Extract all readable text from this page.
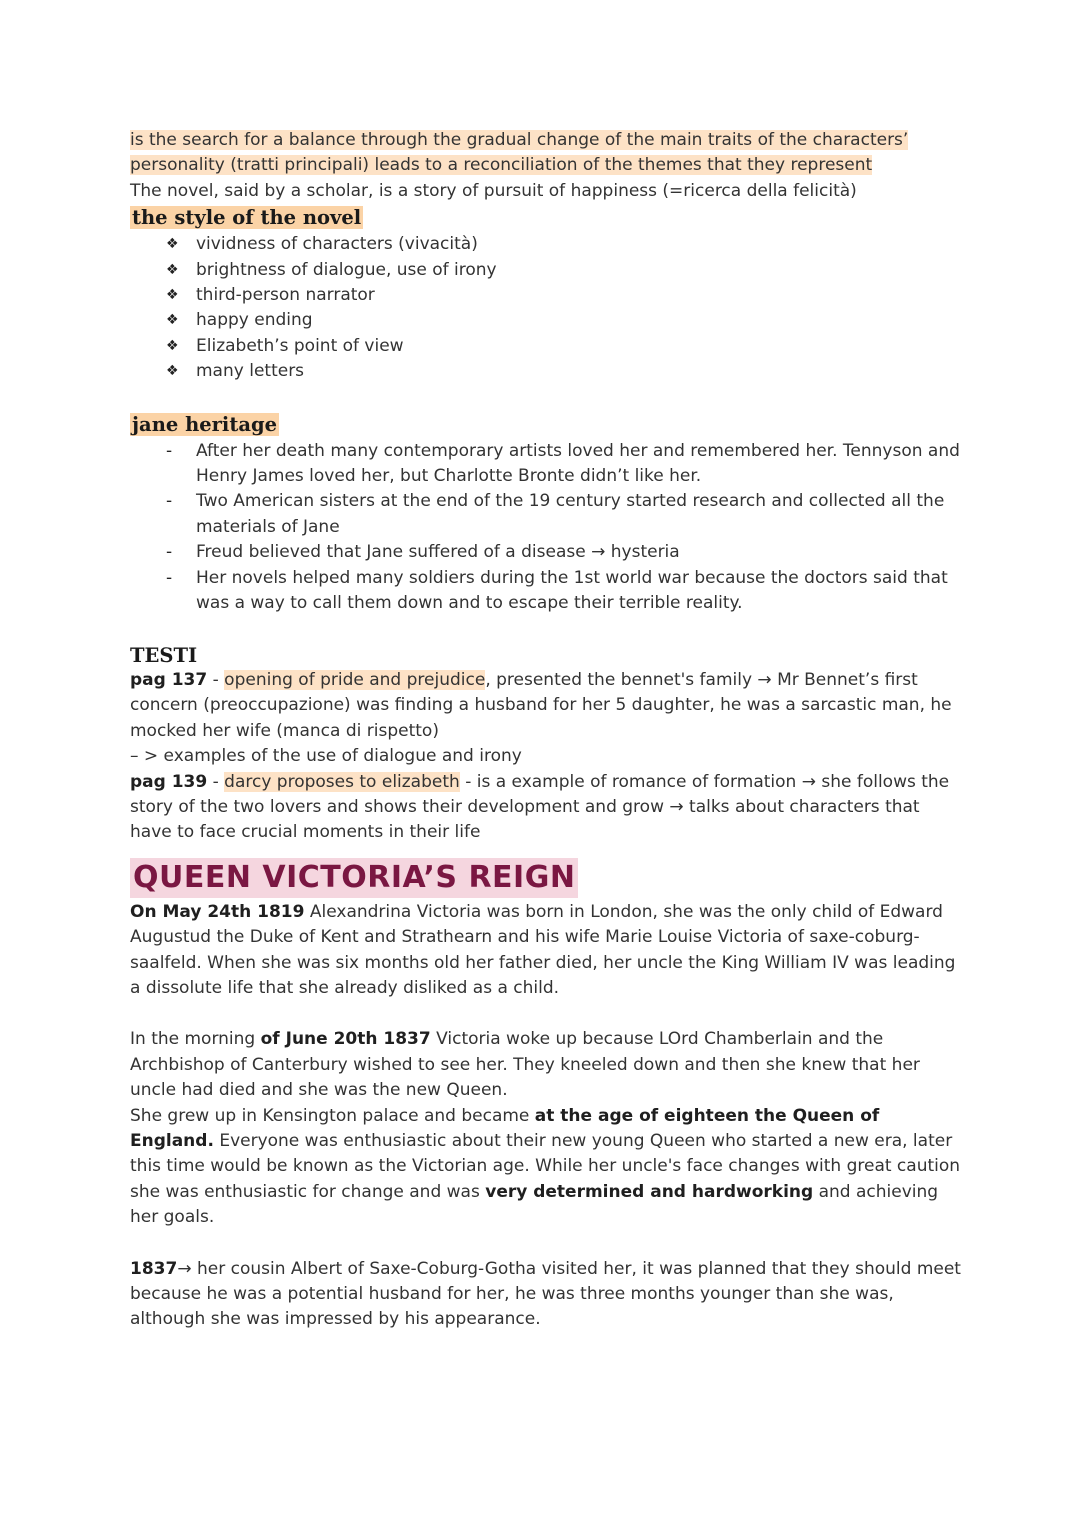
is the search for a balance through the gradual change of the main traits of the characters’ personality (tratti principali) leads to a reconciliation of the themes that they represent

The novel, said by a scholar, is a story of pursuit of happiness (=ricerca della felicità)

the style of the novel
❖ vividness of characters (vivacità)
❖ brightness of dialogue, use of irony
❖ third-person narrator
❖ happy ending
❖ Elizabeth’s point of view
❖ many letters
jane heritage
- After her death many contemporary artists loved her and remembered her. Tennyson and Henry James loved her, but Charlotte Bronte didn’t like her.
- Two American sisters at the end of the 19 century started research and collected all the materials of Jane
- Freud believed that Jane suffered of a disease → hysteria
- Her novels helped many soldiers during the 1st world war because the doctors said that was a way to call them down and to escape their terrible reality.
TESTI

pag 137 - opening of pride and prejudice, presented the bennet's family → Mr Bennet’s first concern (preoccupazione) was finding a husband for her 5 daughter, he was a sarcastic man, he mocked her wife (manca di rispetto)

– > examples of the use of dialogue and irony

pag 139 - darcy proposes to elizabeth - is a example of romance of formation → she follows the story of the two lovers and shows their development and grow → talks about characters that have to face crucial moments in their life

QUEEN VICTORIA’S REIGN

On May 24th 1819 Alexandrina Victoria was born in London, she was the only child of Edward Augustud the Duke of Kent and Strathearn and his wife Marie Louise Victoria of saxe-coburg-saalfeld. When she was six months old her father died, her uncle the King William IV was leading a dissolute life that she already disliked as a child.

In the morning of June 20th 1837 Victoria woke up because LOrd Chamberlain and the Archbishop of Canterbury wished to see her. They kneeled down and then she knew that her uncle had died and she was the new Queen.

She grew up in Kensington palace and became at the age of eighteen the Queen of England. Everyone was enthusiastic about their new young Queen who started a new era, later this time would be known as the Victorian age. While her uncle's face changes with great caution she was enthusiastic for change and was very determined and hardworking and achieving her goals.

1837→ her cousin Albert of Saxe-Coburg-Gotha visited her, it was planned that they should meet because he was a potential husband for her, he was three months younger than she was, although she was impressed by his appearance.
